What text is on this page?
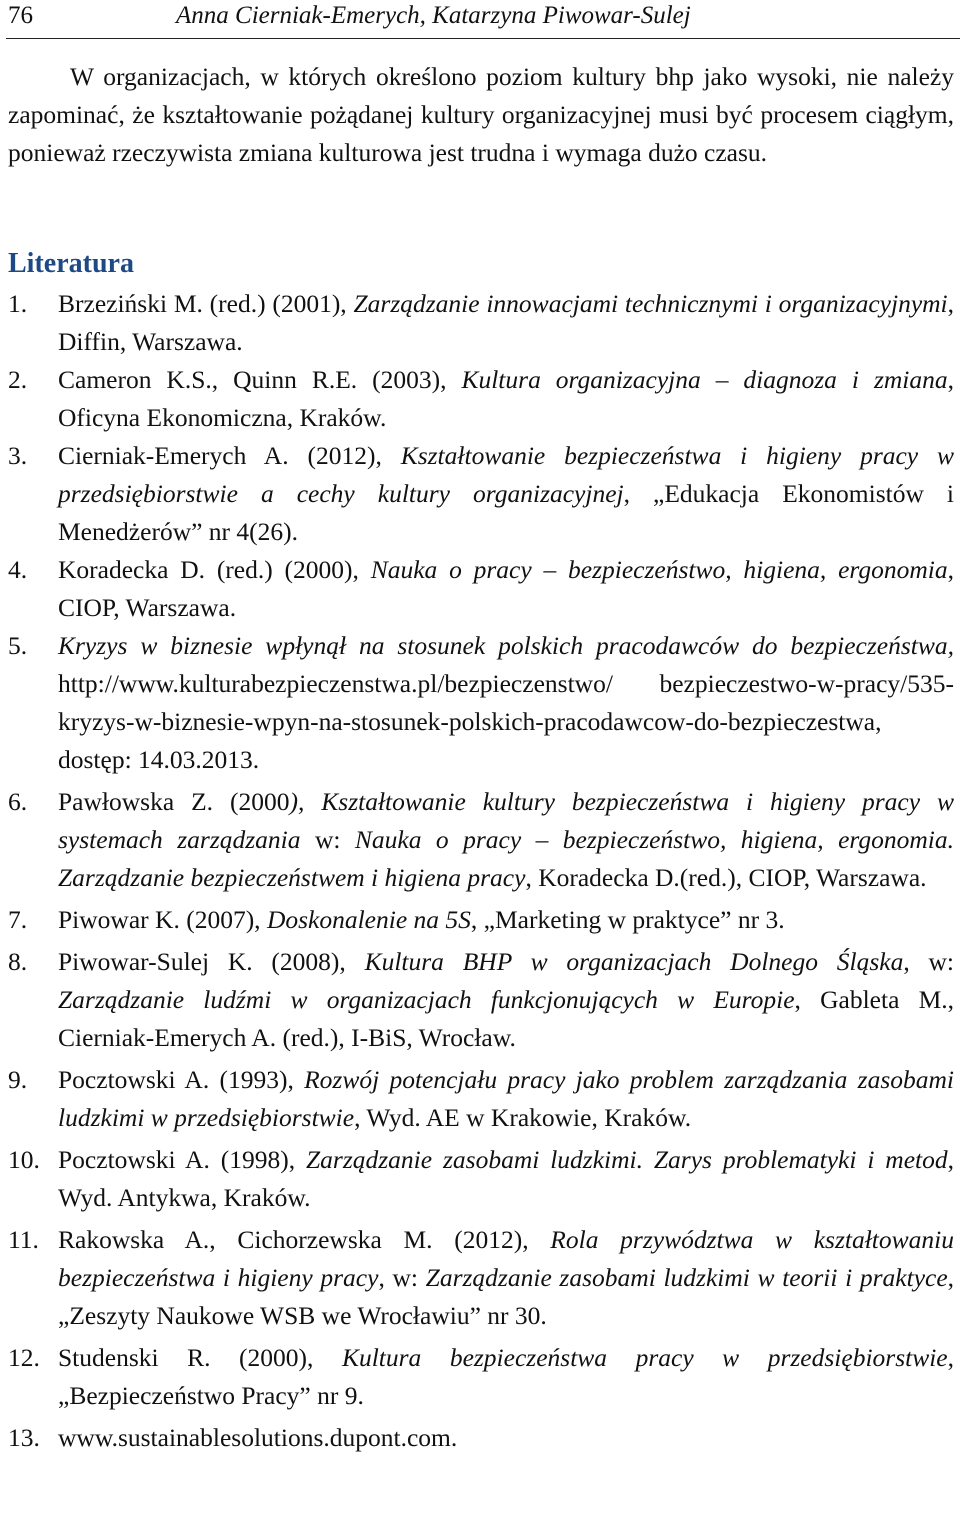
76	Anna Cierniak-Emerych, Katarzyna Piwowar-Sulej

W organizacjach, w których określono poziom kultury bhp jako wysoki, nie należy zapominać, że kształtowanie pożądanej kultury organizacyjnej musi być procesem ciągłym, ponieważ rzeczywista zmiana kulturowa jest trudna i wymaga dużo czasu.

Literatura
1. Brzeziński M. (red.) (2001), Zarządzanie innowacjami technicznymi i organizacyjnymi, Diffin, Warszawa.
2. Cameron K.S., Quinn R.E. (2003), Kultura organizacyjna – diagnoza i zmiana, Oficyna Ekonomiczna, Kraków.
3. Cierniak-Emerych A. (2012), Kształtowanie bezpieczeństwa i higieny pracy w przedsiębiorstwie a cechy kultury organizacyjnej, „Edukacja Ekonomistów i Menedżerów” nr 4(26).
4. Koradecka D. (red.) (2000), Nauka o pracy – bezpieczeństwo, higiena, ergonomia, CIOP, Warszawa.
5. Kryzys w biznesie wpłynął na stosunek polskich pracodawców do bezpieczeństwa, http://www.kulturabezpieczenstwa.pl/bezpieczenstwo/ bezpieczestwo-w-pracy/535-kryzys-w-biznesie-wpyn-na-stosunek-polskich-pracodawcow-do-bezpieczestwa, dostęp: 14.03.2013.
6. Pawłowska Z. (2000), Kształtowanie kultury bezpieczeństwa i higieny pracy w systemach zarządzania w: Nauka o pracy – bezpieczeństwo, higiena, ergonomia. Zarządzanie bezpieczeństwem i higiena pracy, Koradecka D.(red.), CIOP, Warszawa.
7. Piwowar K. (2007), Doskonalenie na 5S, „Marketing w praktyce” nr 3.
8. Piwowar-Sulej K. (2008), Kultura BHP w organizacjach Dolnego Śląska, w: Zarządzanie ludźmi w organizacjach funkcjonujących w Europie, Gableta M., Cierniak-Emerych A. (red.), I-BiS, Wrocław.
9. Pocztowski A. (1993), Rozwój potencjału pracy jako problem zarządzania zasobami ludzkimi w przedsiębiorstwie, Wyd. AE w Krakowie, Kraków.
10. Pocztowski A. (1998), Zarządzanie zasobami ludzkimi. Zarys problematyki i metod, Wyd. Antykwa, Kraków.
11. Rakowska A., Cichorzewska M. (2012), Rola przywództwa w kształtowaniu bezpieczeństwa i higieny pracy, w: Zarządzanie zasobami ludzkimi w teorii i praktyce, „Zeszyty Naukowe WSB we Wrocławiu” nr 30.
12. Studenski R. (2000), Kultura bezpieczeństwa pracy w przedsiębiorstwie, „Bezpieczeństwo Pracy” nr 9.
13. www.sustainablesolutions.dupont.com.
